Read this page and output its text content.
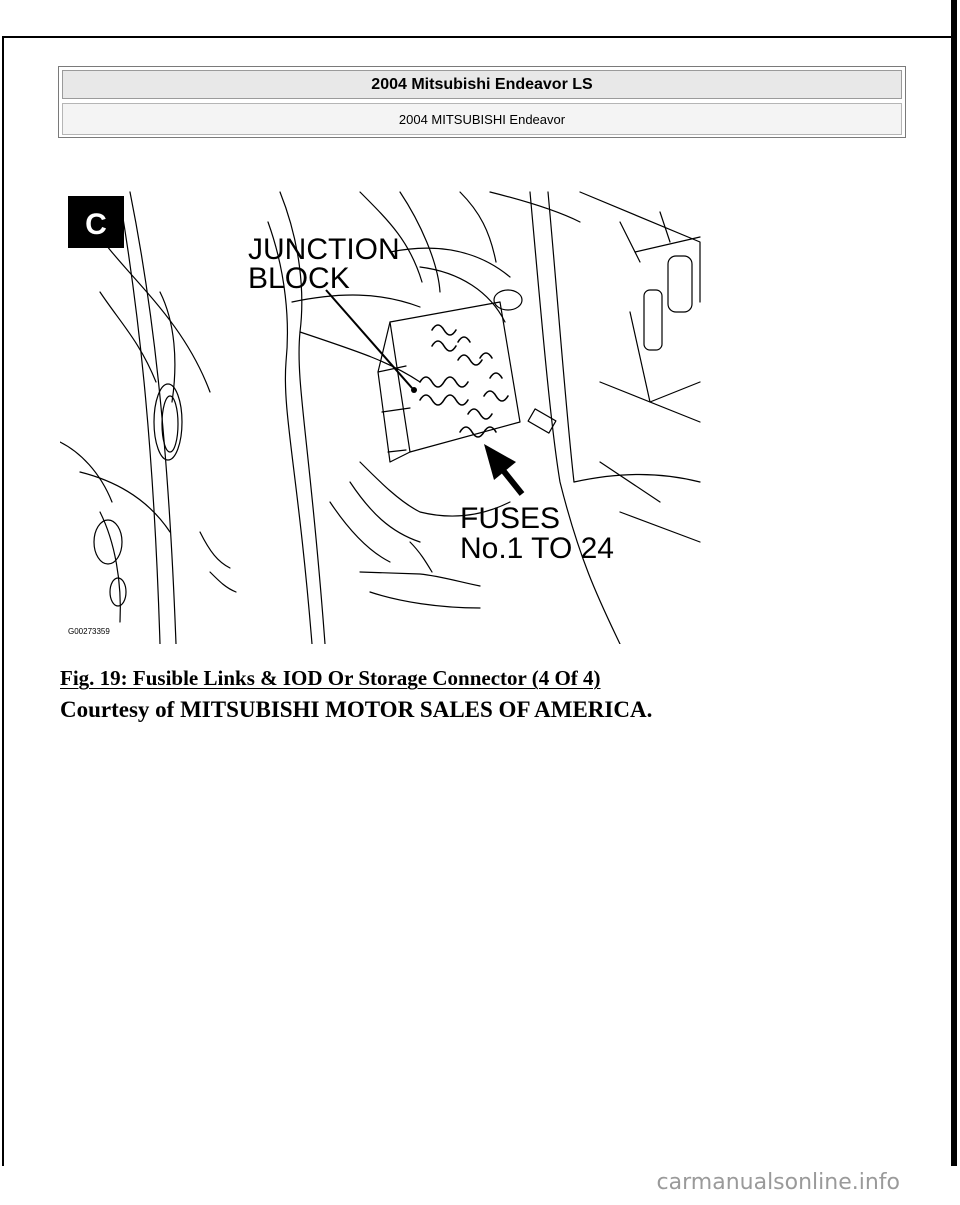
2004 Mitsubishi Endeavor LS
2004 MITSUBISHI Endeavor
C
JUNCTION
BLOCK
FUSES
No.1 TO 24
G00273359
Fig. 19: Fusible Links & IOD Or Storage Connector (4 Of 4)
Courtesy of MITSUBISHI MOTOR SALES OF AMERICA.
carmanualsonline.info
